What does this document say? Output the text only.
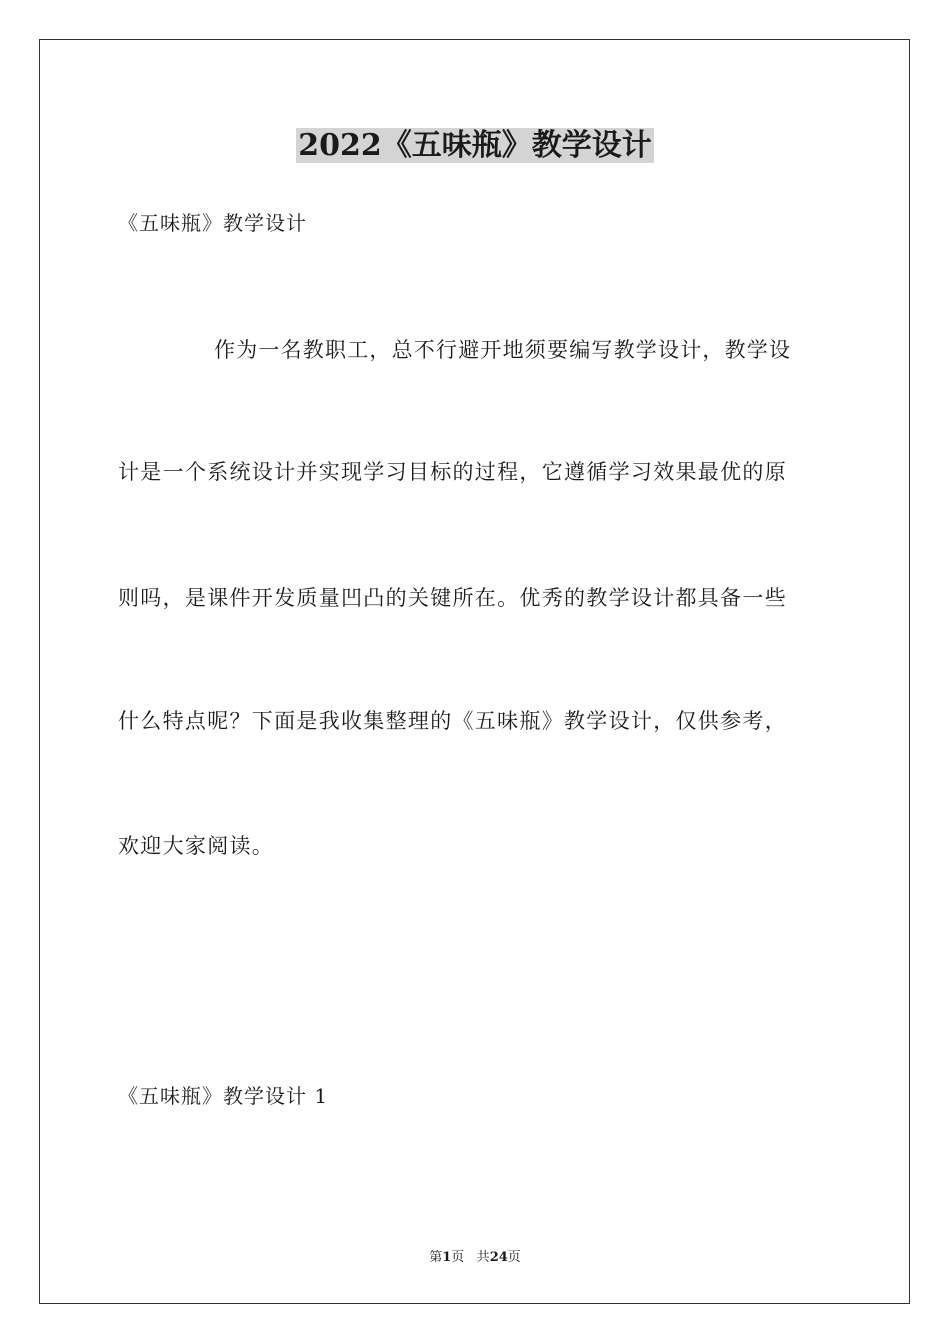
2022《五味瓶》教学设计
《五味瓶》教学设计
作为一名教职工，总不行避开地须要编写教学设计，教学设
计是一个系统设计并实现学习目标的过程，它遵循学习效果最优的原
则吗，是课件开发质量凹凸的关键所在。优秀的教学设计都具备一些
什么特点呢？下面是我收集整理的《五味瓶》教学设计，仅供参考，
欢迎大家阅读。
《五味瓶》教学设计 1
第1页 共24页
